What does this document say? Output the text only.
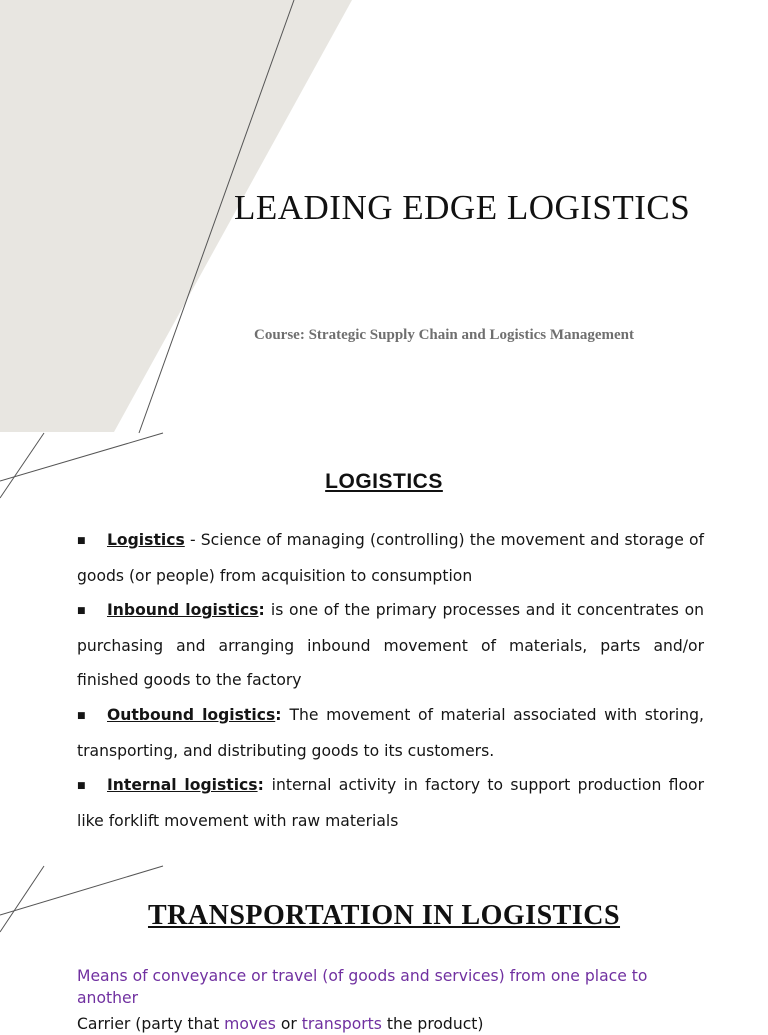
LEADING EDGE LOGISTICS
Course: Strategic Supply Chain and Logistics Management
LOGISTICS
■ Logistics - Science of managing (controlling) the movement and storage of goods (or people) from acquisition to consumption
■ Inbound logistics: is one of the primary processes and it concentrates on purchasing and arranging inbound movement of materials, parts and/or finished goods to the factory
■ Outbound logistics: The movement of material associated with storing, transporting, and distributing goods to its customers.
■ Internal logistics: internal activity in factory to support production floor like forklift movement with raw materials
TRANSPORTATION IN LOGISTICS
Means of conveyance or travel (of goods and services) from one place to another
Carrier (party that moves or transports the product)
